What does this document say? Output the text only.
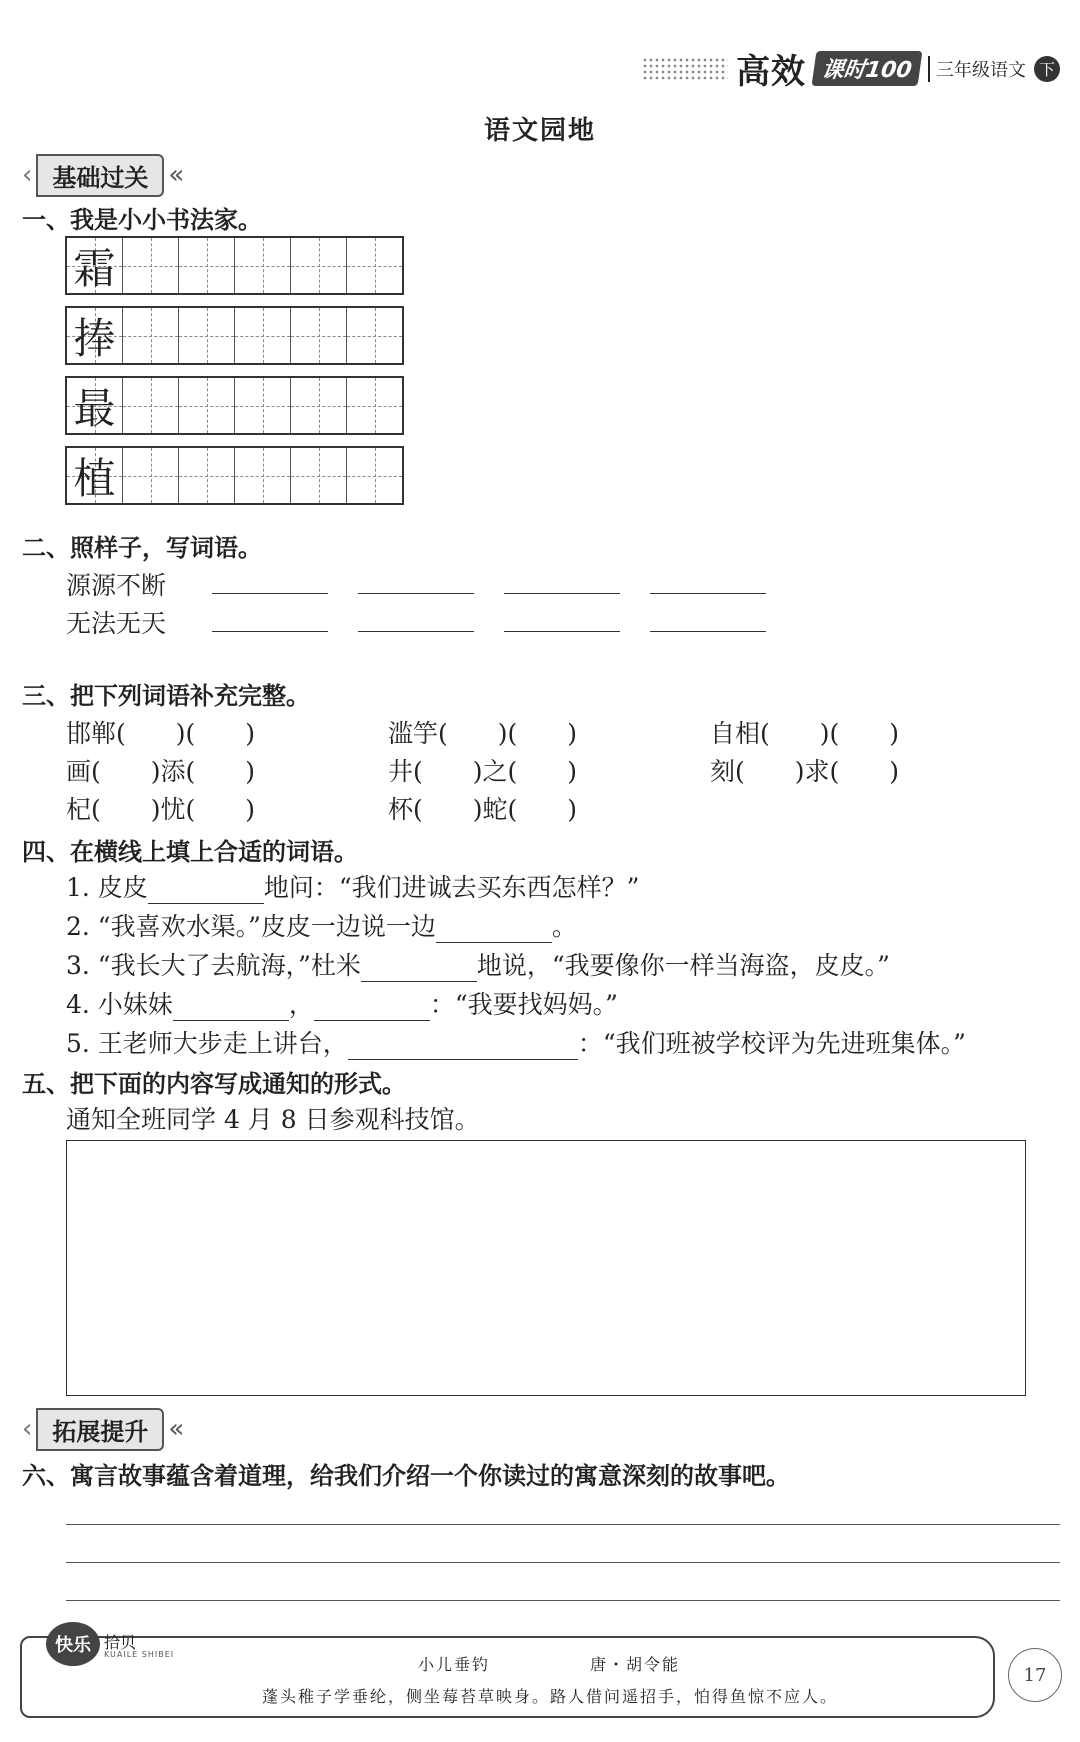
高效 课时100	三年级语文 下
语文园地
‹ 基础过关 «
一、我是小小书法家。
霜
捧
最
植
二、照样子，写词语。
源源不断
无法无天
三、把下列词语补充完整。
邯郸(　　)(　　)	滥竽(　　)(　　)	自相(　　)(　　)
画(　　)添(　　)	井(　　)之(　　)	刻(　　)求(　　)
杞(　　)忧(　　)	杯(　　)蛇(　　)
四、在横线上填上合适的词语。
1. 皮皮	地问：“我们进诚去买东西怎样？”
2. “我喜欢水渠。”皮皮一边说一边	。
3. “我长大了去航海，”杜米	地说，“我要像你一样当海盗，皮皮。”
4. 小妹妹	，	：“我要找妈妈。”
5. 王老师大步走上讲台，	：“我们班被学校评为先进班集体。”
五、把下面的内容写成通知的形式。
通知全班同学 4 月 8 日参观科技馆。
‹ 拓展提升 «
六、寓言故事蕴含着道理，给我们介绍一个你读过的寓意深刻的故事吧。
快乐 拾贝
KUAILE SHIBEI
小儿垂钓	唐・胡令能
蓬头稚子学垂纶，侧坐莓苔草映身。路人借问遥招手，怕得鱼惊不应人。
17
